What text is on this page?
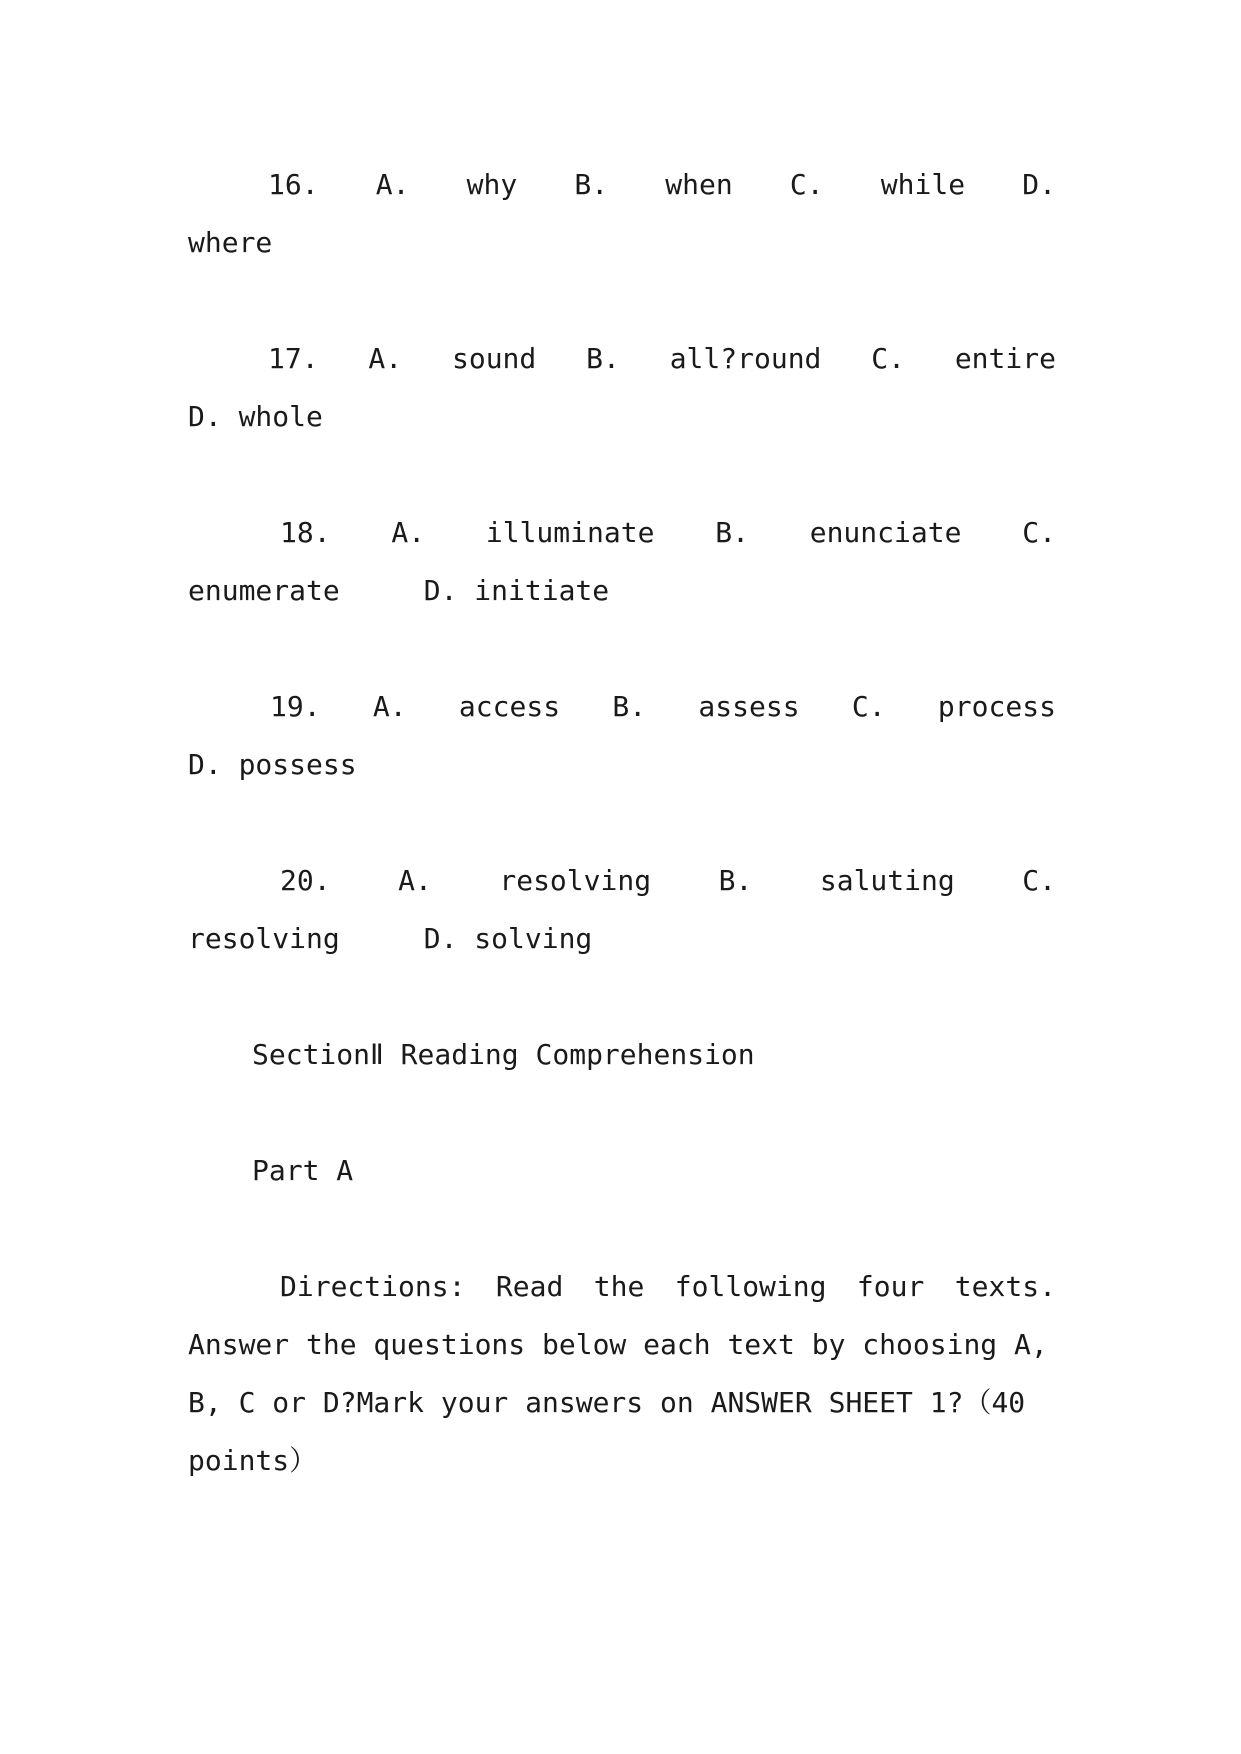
16. A. why B. when C. while D.
where
17. A. sound B. all?round C. entire
D. whole
18. A. illuminate B. enunciate C.
enumerate	D. initiate
19. A. access B. assess C. process
D. possess
20. A. resolving B. saluting C.
resolving	D. solving
SectionⅡ Reading Comprehension
Part A
Directions: Read the following four texts.
Answer the questions below each text by choosing A,
B, C or D?Mark your answers on ANSWER SHEET 1?（40
points）
